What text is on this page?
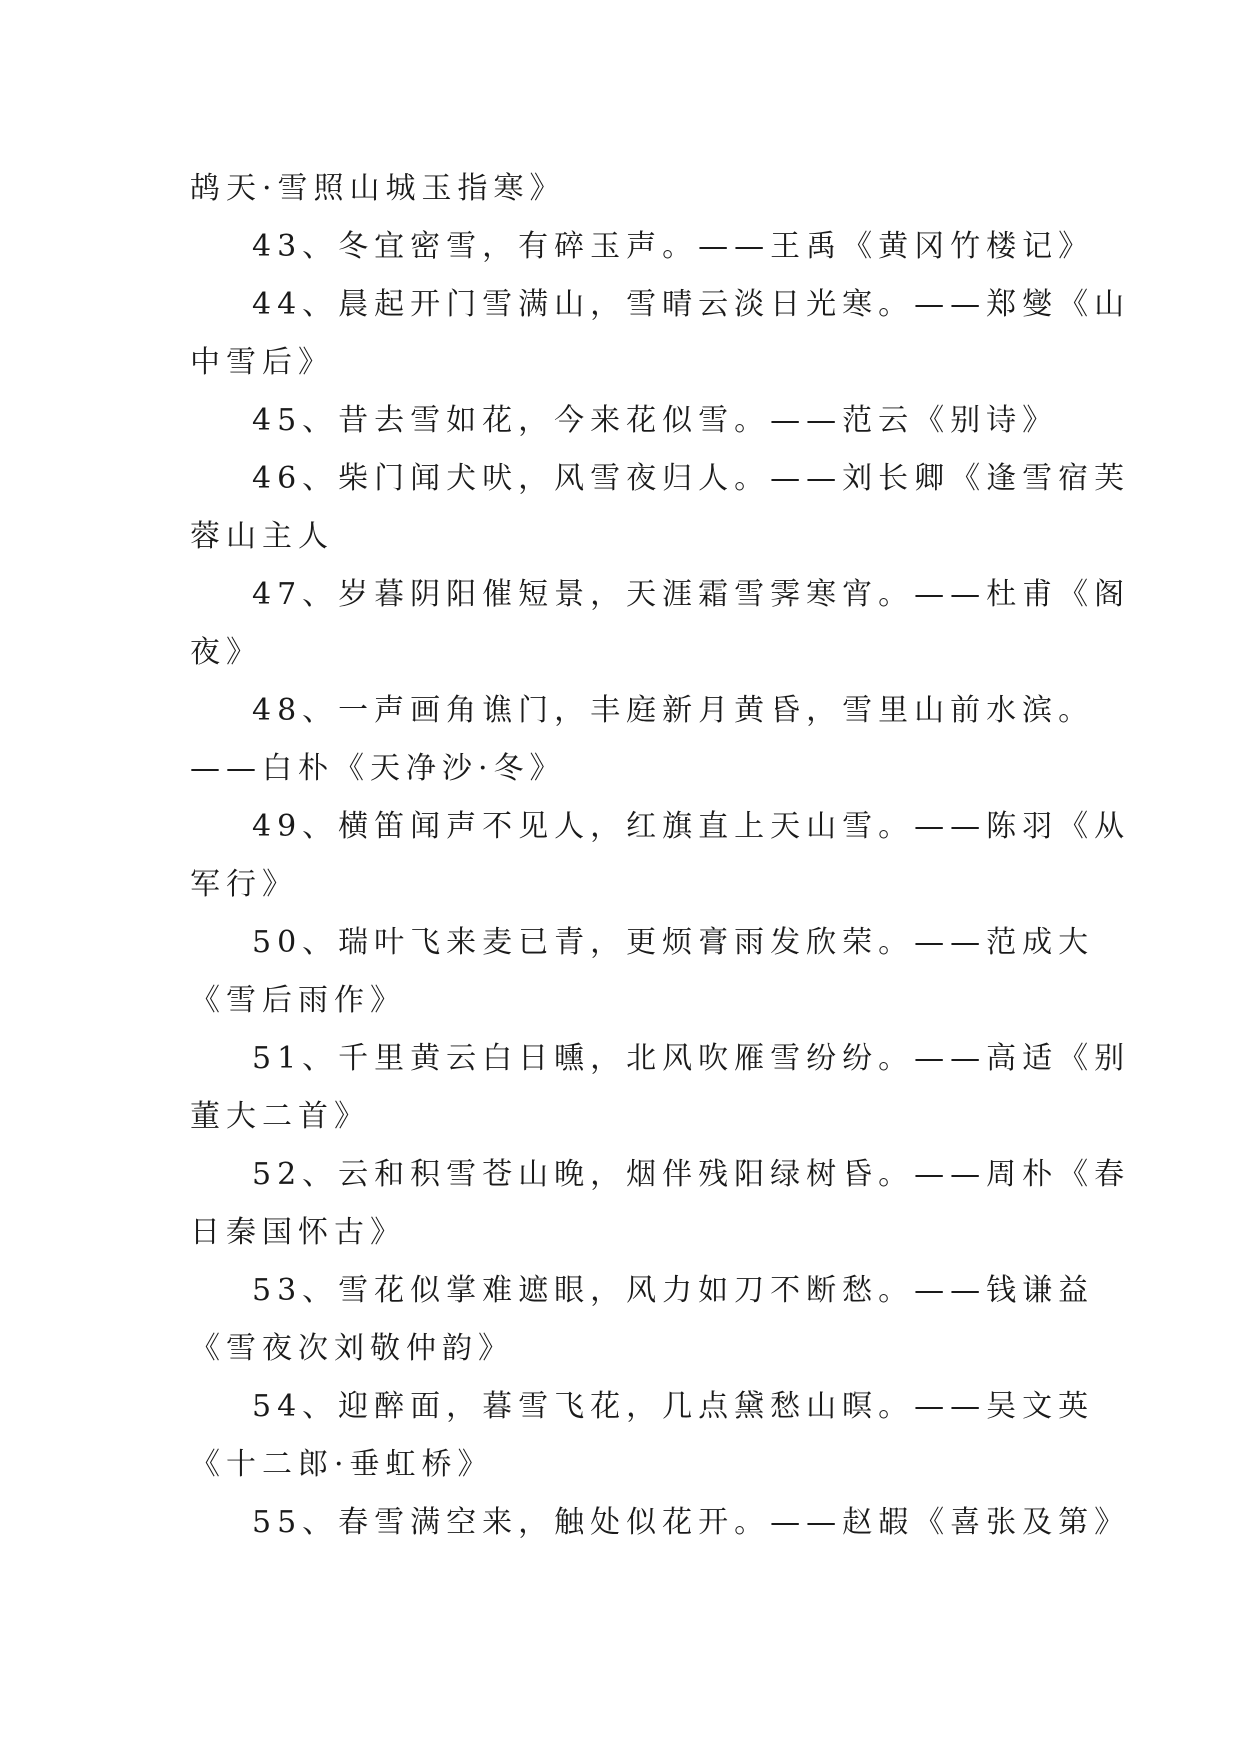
鸪天·雪照山城玉指寒》
43、冬宜密雪，有碎玉声。——王禹《黄冈竹楼记》
44、晨起开门雪满山，雪晴云淡日光寒。——郑燮《山
中雪后》
45、昔去雪如花，今来花似雪。——范云《别诗》
46、柴门闻犬吠，风雪夜归人。——刘长卿《逢雪宿芙
蓉山主人
47、岁暮阴阳催短景，天涯霜雪霁寒宵。——杜甫《阁
夜》
48、一声画角谯门，丰庭新月黄昏，雪里山前水滨。
——白朴《天净沙·冬》
49、横笛闻声不见人，红旗直上天山雪。——陈羽《从
军行》
50、瑞叶飞来麦已青，更烦膏雨发欣荣。——范成大
《雪后雨作》
51、千里黄云白日曛，北风吹雁雪纷纷。——高适《别
董大二首》
52、云和积雪苍山晚，烟伴残阳绿树昏。——周朴《春
日秦国怀古》
53、雪花似掌难遮眼，风力如刀不断愁。——钱谦益
《雪夜次刘敬仲韵》
54、迎醉面，暮雪飞花，几点黛愁山暝。——吴文英
《十二郎·垂虹桥》
55、春雪满空来，触处似花开。——赵嘏《喜张及第》
